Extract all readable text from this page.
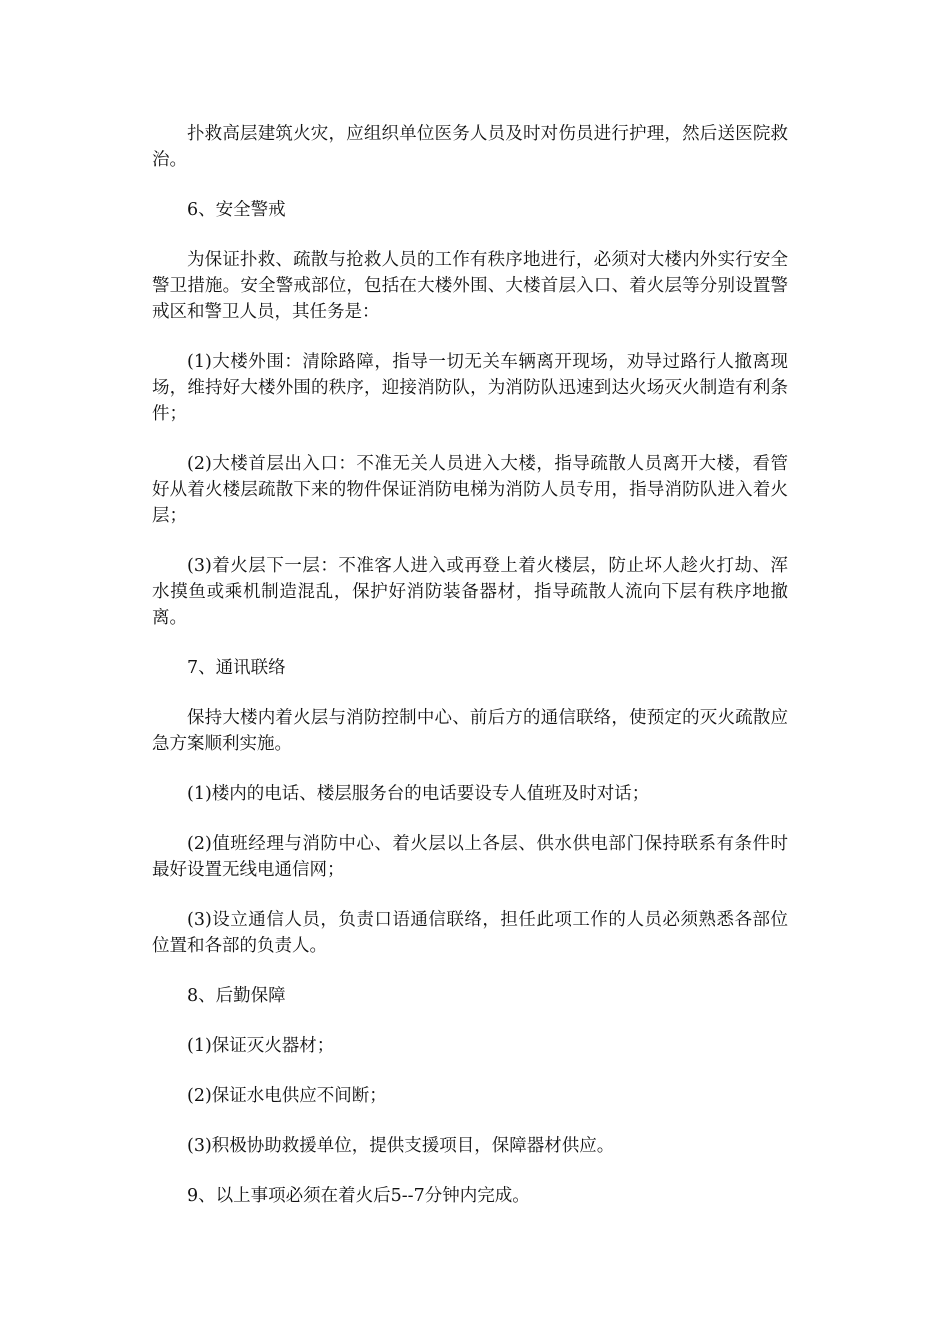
扑救高层建筑火灾，应组织单位医务人员及时对伤员进行护理，然后送医院救治。

6、安全警戒

为保证扑救、疏散与抢救人员的工作有秩序地进行，必须对大楼内外实行安全警卫措施。安全警戒部位，包括在大楼外围、大楼首层入口、着火层等分别设置警戒区和警卫人员，其任务是：

(1)大楼外围：清除路障，指导一切无关车辆离开现场，劝导过路行人撤离现场，维持好大楼外围的秩序，迎接消防队，为消防队迅速到达火场灭火制造有利条件；

(2)大楼首层出入口：不准无关人员进入大楼，指导疏散人员离开大楼，看管好从着火楼层疏散下来的物件保证消防电梯为消防人员专用，指导消防队进入着火层；

(3)着火层下一层：不准客人进入或再登上着火楼层，防止坏人趁火打劫、浑水摸鱼或乘机制造混乱，保护好消防装备器材，指导疏散人流向下层有秩序地撤离。

7、通讯联络

保持大楼内着火层与消防控制中心、前后方的通信联络，使预定的灭火疏散应急方案顺利实施。

(1)楼内的电话、楼层服务台的电话要设专人值班及时对话；

(2)值班经理与消防中心、着火层以上各层、供水供电部门保持联系有条件时最好设置无线电通信网；

(3)设立通信人员，负责口语通信联络，担任此项工作的人员必须熟悉各部位位置和各部的负责人。

8、后勤保障

(1)保证灭火器材；

(2)保证水电供应不间断；

(3)积极协助救援单位，提供支援项目，保障器材供应。

9、以上事项必须在着火后5--7分钟内完成。
